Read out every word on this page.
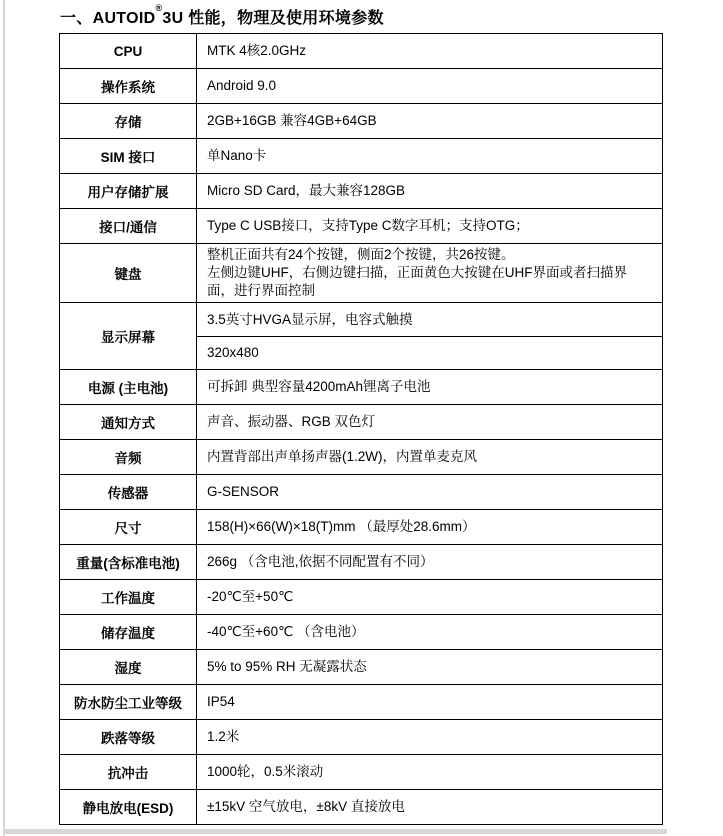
一、AUTOID®3U 性能，物理及使用环境参数
CPU	MTK 4核2.0GHz
操作系统	Android 9.0
存储	2GB+16GB 兼容4GB+64GB
SIM 接口	单Nano卡
用户存储扩展	Micro SD Card，最大兼容128GB
接口/通信	Type C USB接口，支持Type C数字耳机；支持OTG；
键盘	整机正面共有24个按键，侧面2个按键，共26按键。
左侧边键UHF，右侧边键扫描，正面黄色大按键在UHF界面或者扫描界面，进行界面控制

显示屏幕	3.5英寸HVGA显示屏，电容式触摸
320x480

电源 (主电池)	可拆卸 典型容量4200mAh锂离子电池
通知方式	声音、振动器、RGB 双色灯
音频	内置背部出声单扬声器(1.2W)，内置单麦克风
传感器	G-SENSOR
尺寸	158(H)×66(W)×18(T)mm （最厚处28.6mm）
重量(含标准电池)	266g （含电池,依据不同配置有不同）
工作温度	-20℃至+50℃
储存温度	-40℃至+60℃ （含电池）
湿度	5% to 95% RH 无凝露状态
防水防尘工业等级	IP54
跌落等级	1.2米
抗冲击	1000轮，0.5米滚动
静电放电(ESD)	±15kV 空气放电，±8kV 直接放电
